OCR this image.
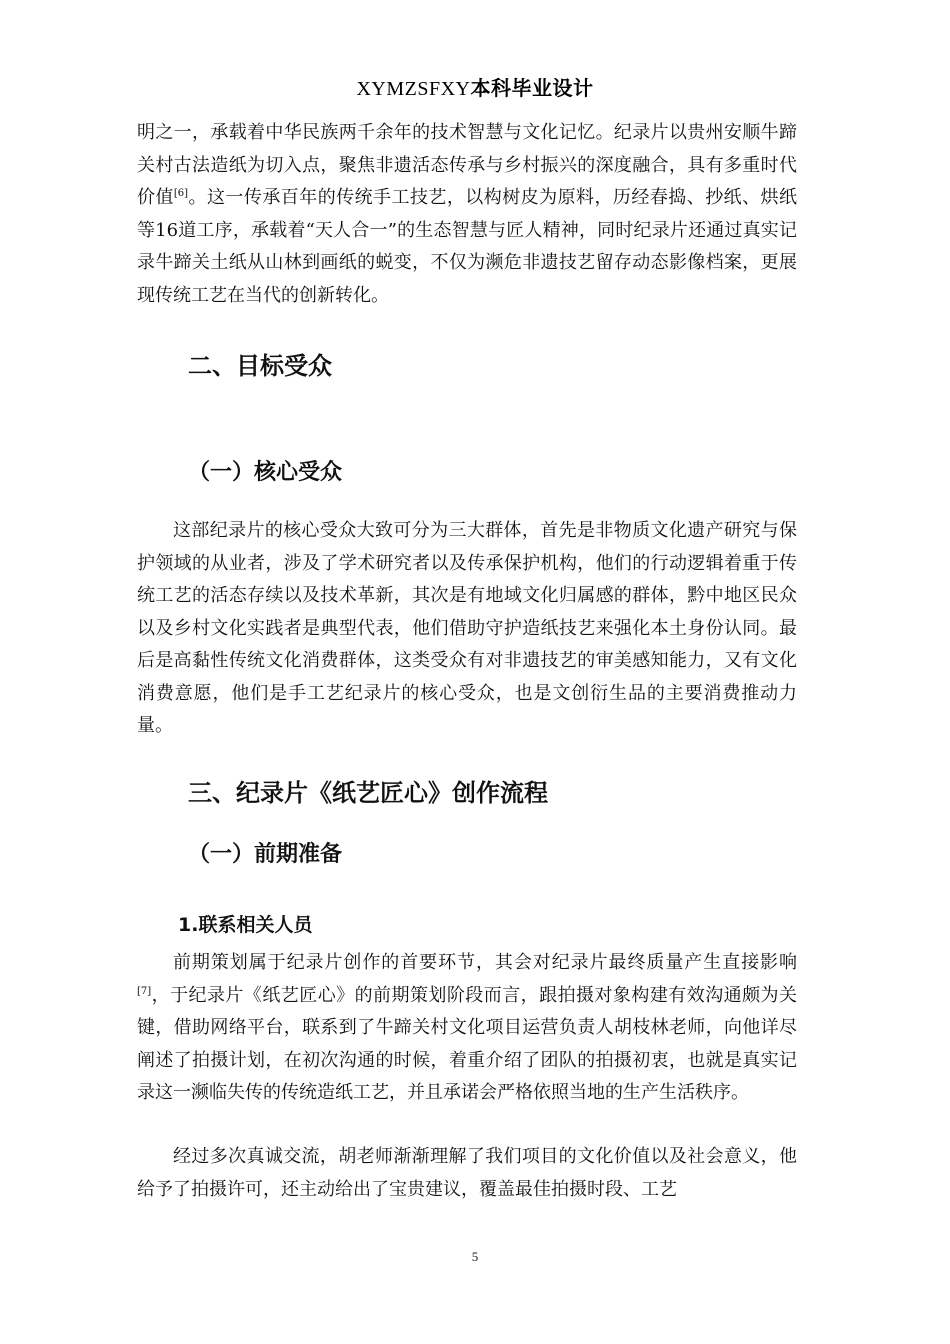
XYMZSFXY本科毕业设计

明之一，承载着中华民族两千余年的技术智慧与文化记忆。纪录片以贵州安顺牛蹄关村古法造纸为切入点，聚焦非遗活态传承与乡村振兴的深度融合，具有多重时代价值[6]。这一传承百年的传统手工技艺，以构树皮为原料，历经春捣、抄纸、烘纸等16道工序，承载着“天人合一”的生态智慧与匠人精神，同时纪录片还通过真实记录牛蹄关土纸从山林到画纸的蜕变，不仅为濒危非遗技艺留存动态影像档案，更展现传统工艺在当代的创新转化。

二、目标受众
（一）核心受众

这部纪录片的核心受众大致可分为三大群体，首先是非物质文化遗产研究与保护领域的从业者，涉及了学术研究者以及传承保护机构，他们的行动逻辑着重于传统工艺的活态存续以及技术革新，其次是有地域文化归属感的群体，黔中地区民众以及乡村文化实践者是典型代表，他们借助守护造纸技艺来强化本土身份认同。最后是高黏性传统文化消费群体，这类受众有对非遗技艺的审美感知能力，又有文化消费意愿，他们是手工艺纪录片的核心受众，也是文创衍生品的主要消费推动力量。

三、纪录片《纸艺匠心》创作流程
（一）前期准备
1.联系相关人员

前期策划属于纪录片创作的首要环节，其会对纪录片最终质量产生直接影响[7]，于纪录片《纸艺匠心》的前期策划阶段而言，跟拍摄对象构建有效沟通颇为关键，借助网络平台，联系到了牛蹄关村文化项目运营负责人胡枝林老师，向他详尽阐述了拍摄计划，在初次沟通的时候，着重介绍了团队的拍摄初衷，也就是真实记录这一濒临失传的传统造纸工艺，并且承诺会严格依照当地的生产生活秩序。

经过多次真诚交流，胡老师渐渐理解了我们项目的文化价值以及社会意义，他给予了拍摄许可，还主动给出了宝贵建议，覆盖最佳拍摄时段、工艺

5
